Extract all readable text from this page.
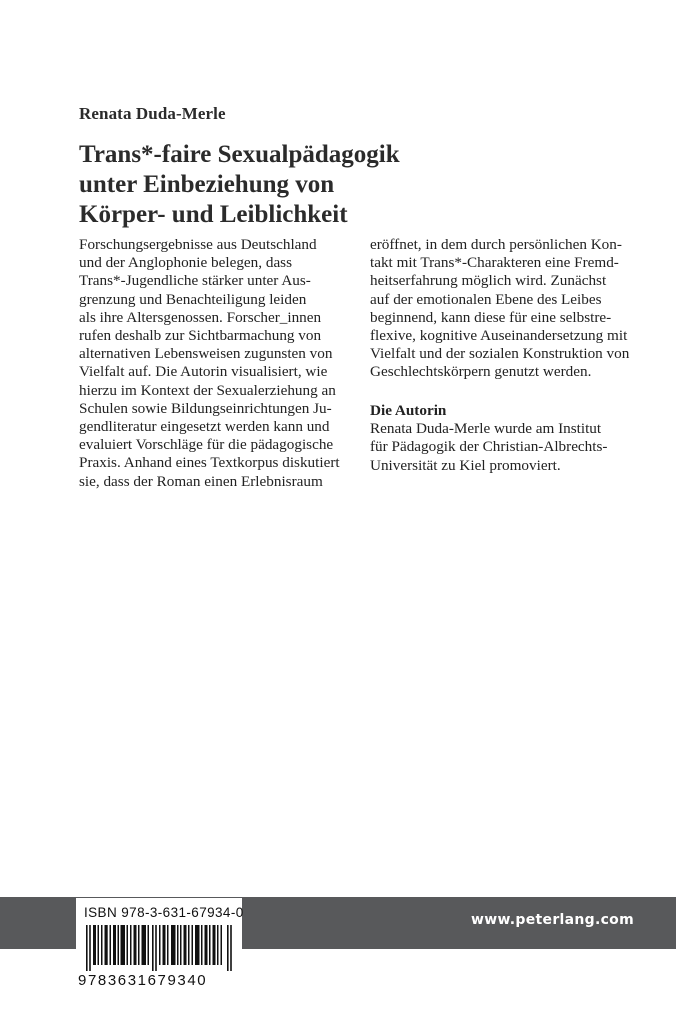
Renata Duda-Merle
Trans*-faire Sexualpädagogik
unter Einbeziehung von
Körper- und Leiblichkeit
Forschungsergebnisse aus Deutschland
und der Anglophonie belegen, dass
Trans*-Jugendliche stärker unter Aus-
grenzung und Benachteiligung leiden
als ihre Altersgenossen. Forscher_innen
rufen deshalb zur Sichtbarmachung von
alternativen Lebensweisen zugunsten von
Vielfalt auf. Die Autorin visualisiert, wie
hierzu im Kontext der Sexualerziehung an
Schulen sowie Bildungseinrichtungen Ju-
gendliteratur eingesetzt werden kann und
evaluiert Vorschläge für die pädagogische
Praxis. Anhand eines Textkorpus diskutiert
sie, dass der Roman einen Erlebnisraum
eröffnet, in dem durch persönlichen Kon-
takt mit Trans*-Charakteren eine Fremd-
heitserfahrung möglich wird. Zunächst
auf der emotionalen Ebene des Leibes
beginnend, kann diese für eine selbstre-
flexive, kognitive Auseinandersetzung mit
Vielfalt und der sozialen Konstruktion von
Geschlechtskörpern genutzt werden.
Die Autorin
Renata Duda-Merle wurde am Institut
für Pädagogik der Christian-Albrechts-
Universität zu Kiel promoviert.
www.peterlang.com
ISBN 978-3-631-67934-0
9783631679340
